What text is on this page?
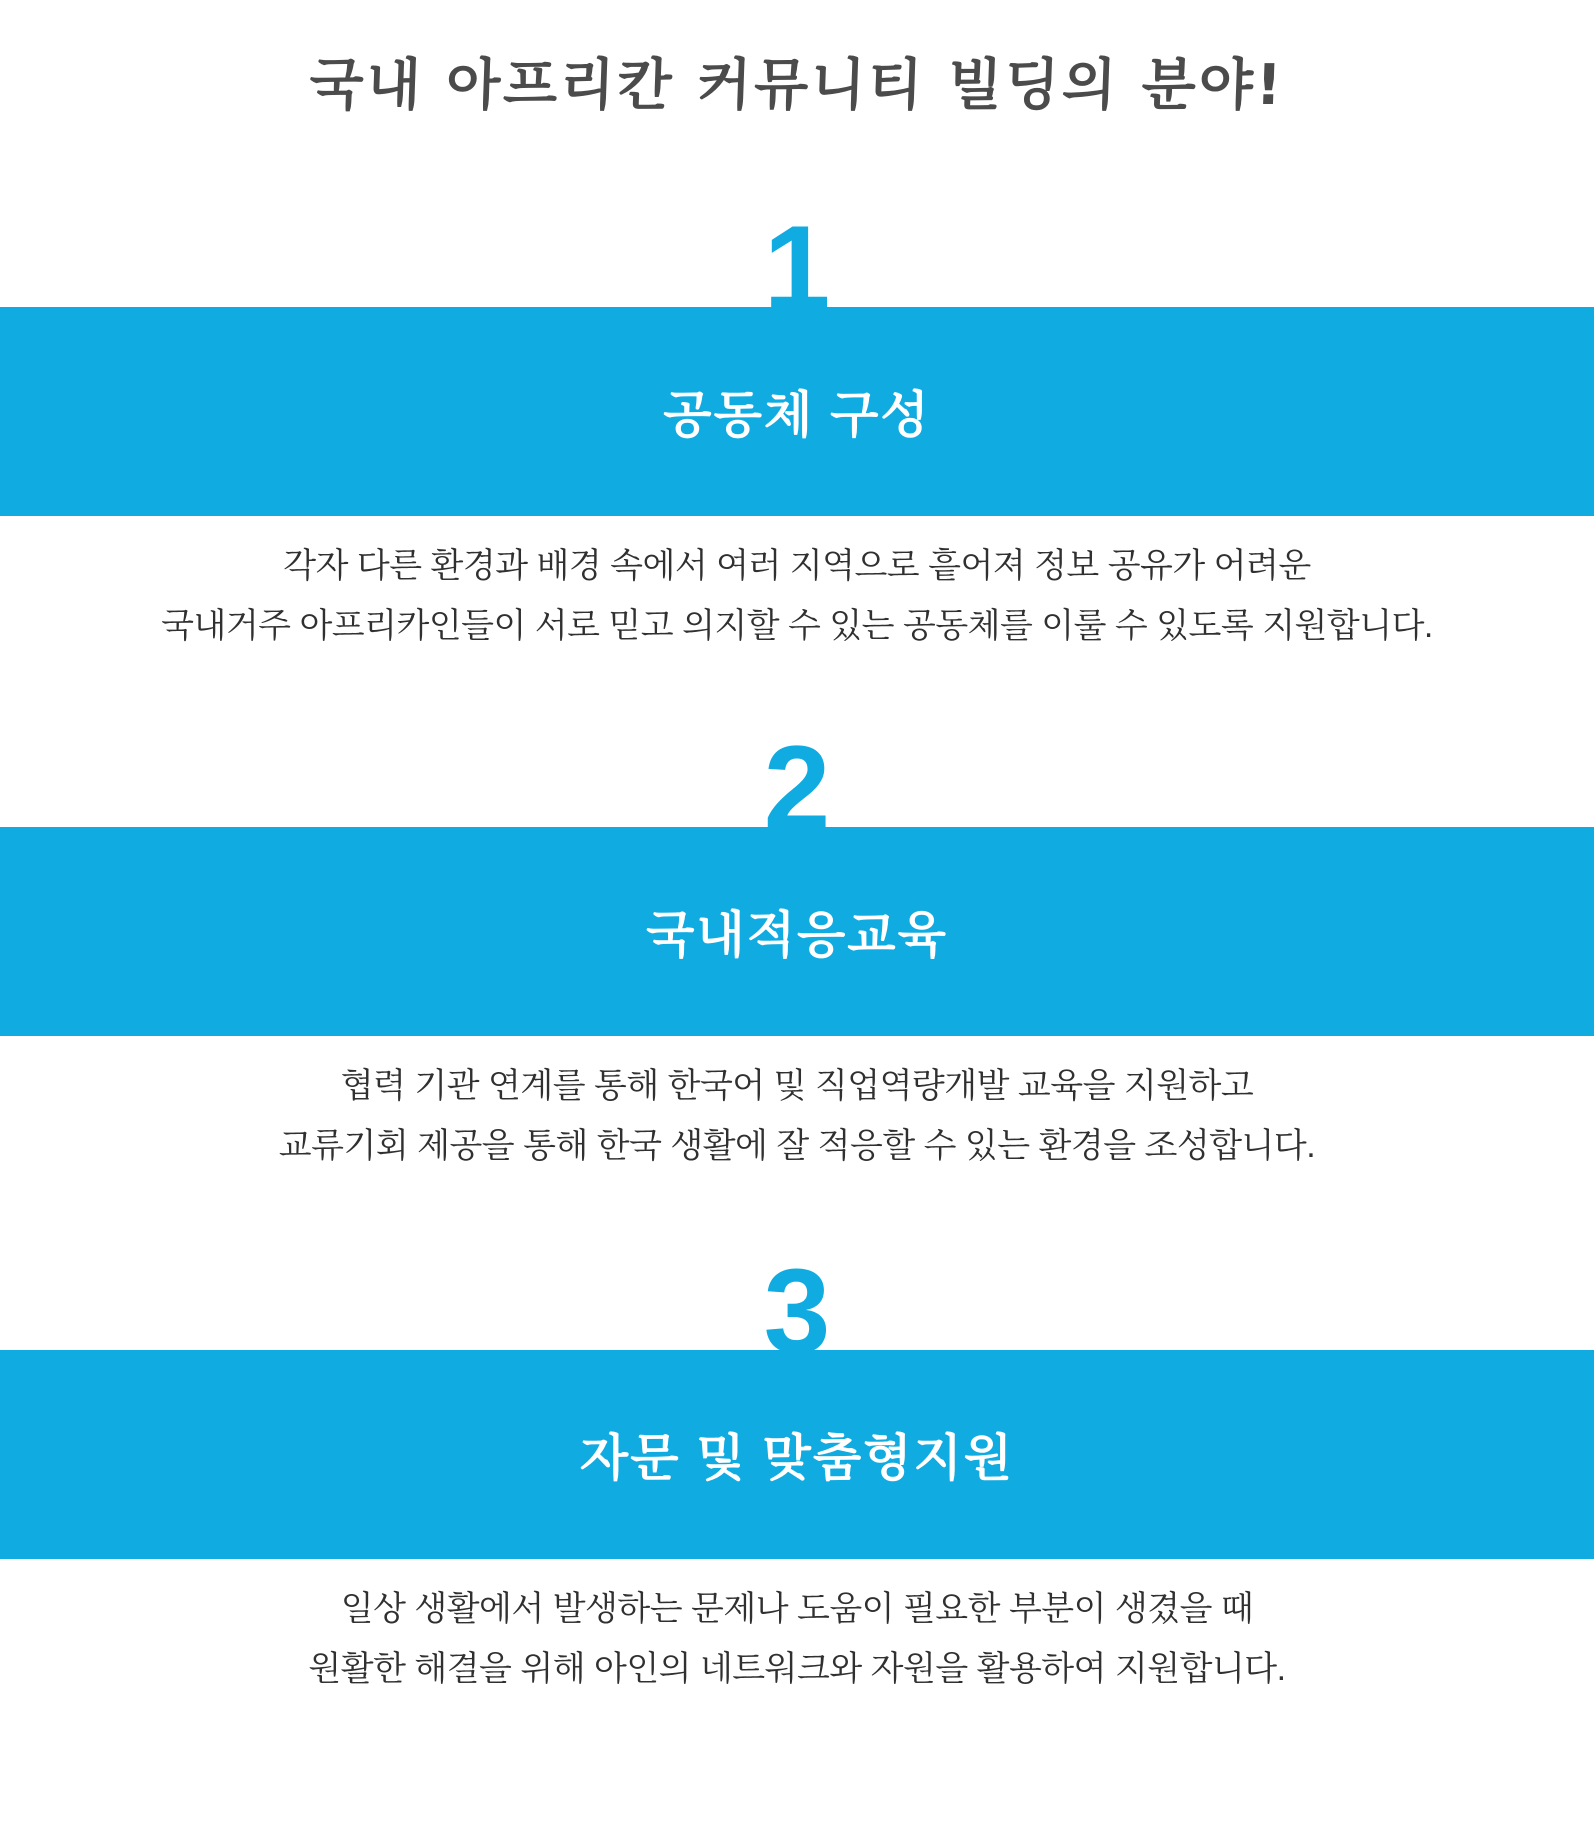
국내 아프리칸 커뮤니티 빌딩의 분야!
1
공동체 구성

각자 다른 환경과 배경 속에서 여러 지역으로 흩어져 정보 공유가 어려운
국내거주 아프리카인들이 서로 믿고 의지할 수 있는 공동체를 이룰 수 있도록 지원합니다.

2
국내적응교육

협력 기관 연계를 통해 한국어 및 직업역량개발 교육을 지원하고
교류기회 제공을 통해 한국 생활에 잘 적응할 수 있는 환경을 조성합니다.

3
자문 및 맞춤형지원

일상 생활에서 발생하는 문제나 도움이 필요한 부분이 생겼을 때
원활한 해결을 위해 아인의 네트워크와 자원을 활용하여 지원합니다.
